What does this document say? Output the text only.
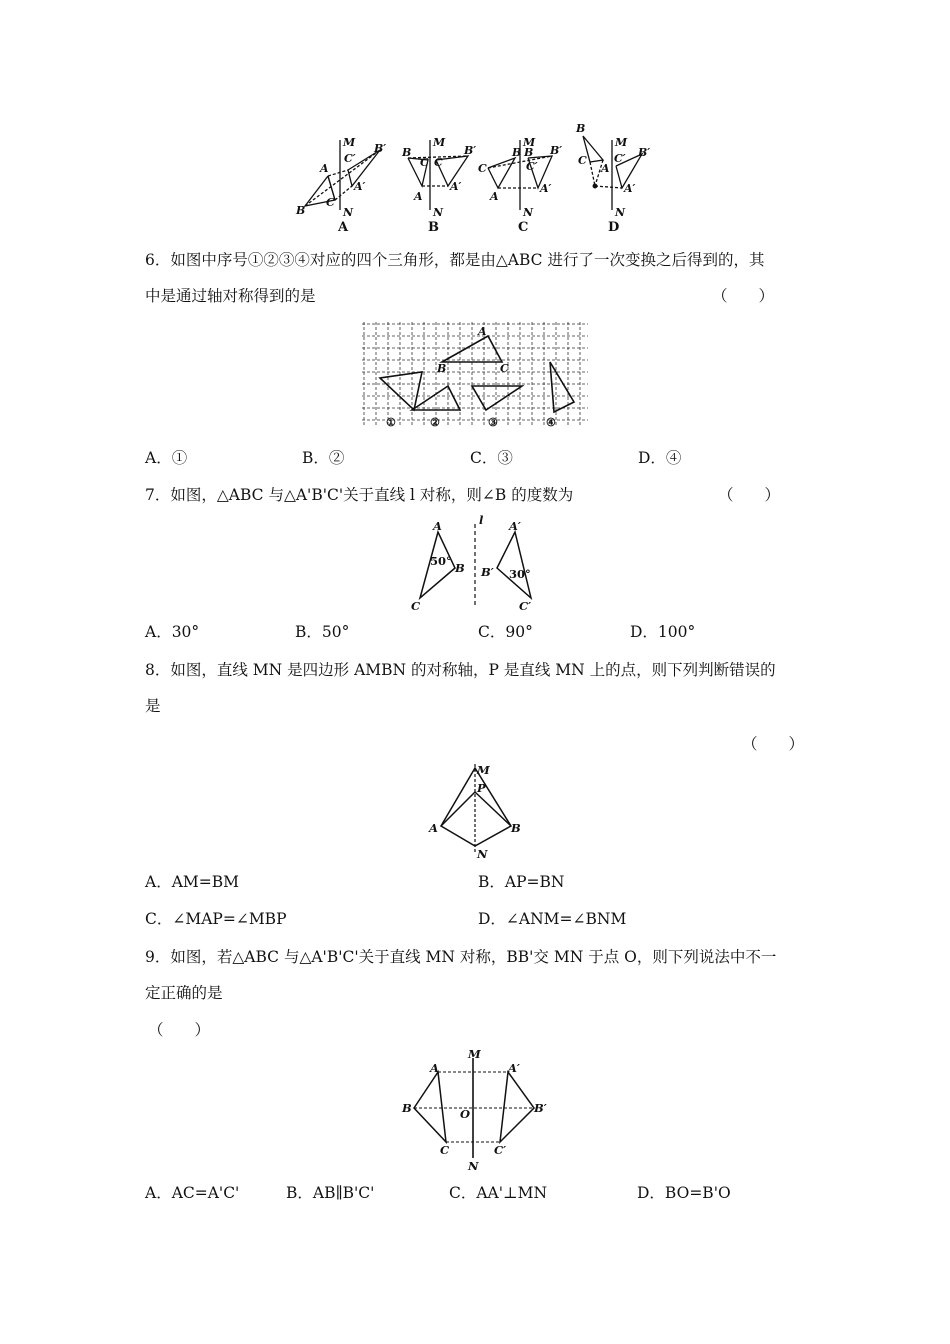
M
N
A
B
C
C′
B′
A′
A
M
N
B
C
A
C
B′
A′
B
M
N
C
B
A
B
C′
B′
A′
C
M
N
B
C
A
C′ B′
A′
D
6．如图中序号①②③④对应的四个三角形，都是由△ABC 进行了一次变换之后得到的，其
中是通过轴对称得到的是	（　　）
A
B	C
①	②	③	④
A．①	B．②	C．③	D．④
7．如图，△ABC 与△A'B'C'关于直线 l 对称，则∠B 的度数为	（　　）
A
B
C
50°
l A′
B′
C′
30°
A．30°	B．50°	C．90°	D．100°
8．如图，直线 MN 是四边形 AMBN 的对称轴，P 是直线 MN 上的点，则下列判断错误的
是
（　　）
M
P
A	B
N
A．AM=BM	B．AP=BN
C．∠MAP=∠MBP	D．∠ANM=∠BNM
9．如图，若△ABC 与△A'B'C'关于直线 MN 对称，BB'交 MN 于点 O，则下列说法中不一
定正确的是
（　　）
M
A	A′
B	O	B′
C	C′
N
A．AC=A'C'	B．AB∥B'C'	C．AA'⊥MN	D．BO=B'O
